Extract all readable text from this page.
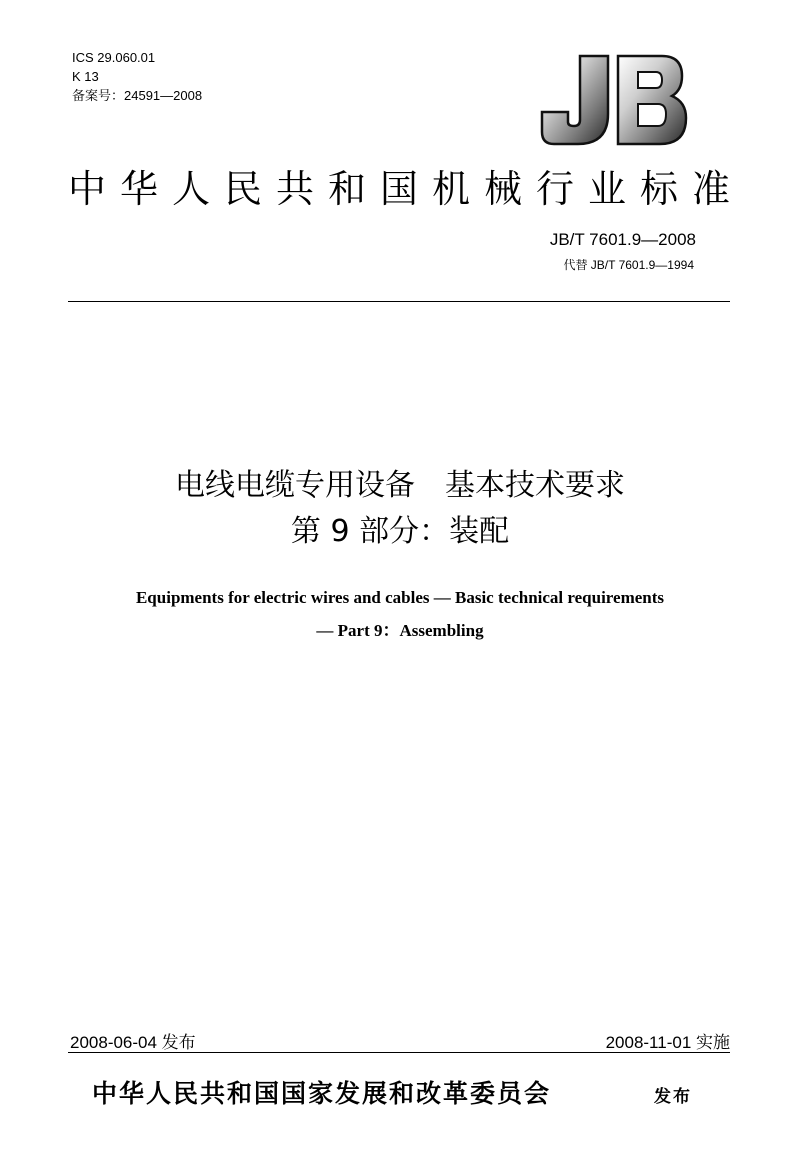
ICS 29.060.01
K 13
备案号：24591—2008
中华人民共和国机械行业标准
JB/T 7601.9—2008
代替 JB/T 7601.9—1994
电线电缆专用设备　基本技术要求
第 9 部分：装配
Equipments for electric wires and cables — Basic technical requirements
— Part 9：Assembling
2008-06-04 发布	2008-11-01 实施
中华人民共和国国家发展和改革委员会	发布
